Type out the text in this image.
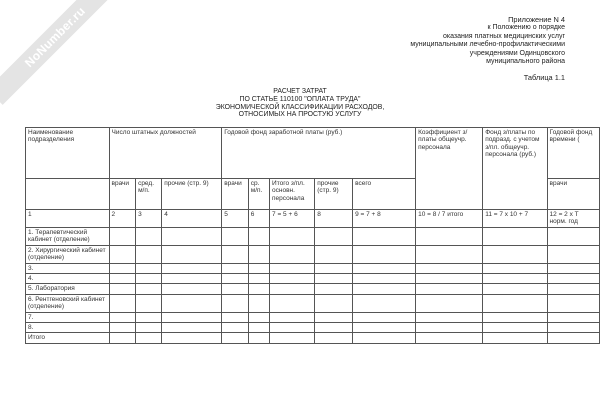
NoNumber.ru	Приложение N 4
к Положению о порядке
оказания платных медицинских услуг
муниципальными лечебно-профилактическими
учреждениями Одинцовского
муниципального района
Таблица 1.1
РАСЧЕТ ЗАТРАТ
ПО СТАТЬЕ 110100 "ОПЛАТА ТРУДА"
ЭКОНОМИЧЕСКОЙ КЛАССИФИКАЦИИ РАСХОДОВ,
ОТНОСИМЫХ НА ПРОСТУЮ УСЛУГУ
Наименование подразделения	Число штатных должностей			Годовой фонд заработной платы (руб.)					Коэффициент з/платы общеучр. персонала	Фонд з/платы по подразд. с учетом з/пл. общеучр. персонала (руб.)	Годовой фонд времени (
	врачи	сред. м/п.	прочие (стр. 9)	врачи	ср. м/п.	Итого з/пл. основн. персонала	прочие (стр. 9)	всего			врачи
1	2	3	4	5	6	7 = 5 + 6	8	9 = 7 + 8	10 = 8 / 7 итого	11 = 7 x 10 + 7	12 = 2 x Т норм. год
1. Терапевтический кабинет (отделение)											
2. Хирургический кабинет (отделение)											
3.											
4.											
5. Лаборатория											
6. Рентгеновский кабинет (отделение)											
7.											
8.											
Итого											
